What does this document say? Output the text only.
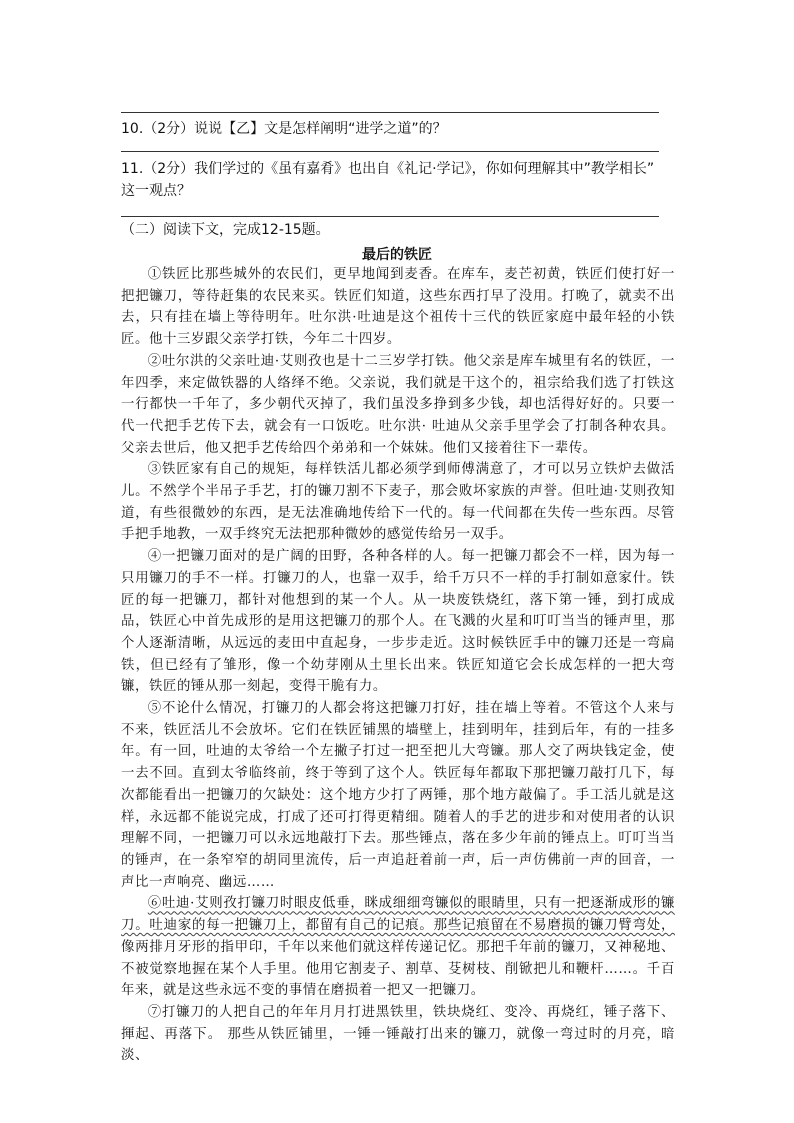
10.（2分）说说【乙】文是怎样阐明“进学之道”的？
11.（2分）我们学过的《虽有嘉肴》也出自《礼记·学记》，你如何理解其中”教学相长”
这一观点？
（二）阅读下文，完成12-15题。
最后的铁匠

①铁匠比那些城外的农民们，更早地闻到麦香。在库车，麦芒初黄，铁匠们使打好一把把镰刀，等待赶集的农民来买。铁匠们知道，这些东西打早了没用。打晚了，就卖不出去，只有挂在墙上等待明年。吐尔洪·吐迪是这个祖传十三代的铁匠家庭中最年轻的小铁匠。他十三岁跟父亲学打铁，今年二十四岁。

②吐尔洪的父亲吐迪·艾则孜也是十二三岁学打铁。他父亲是库车城里有名的铁匠，一年四季，来定做铁器的人络绎不绝。父亲说，我们就是干这个的，祖宗给我们选了打铁这一行都快一千年了，多少朝代灭掉了，我们虽没多挣到多少钱，却也活得好好的。只要一代一代把手艺传下去，就会有一口饭吃。吐尔洪· 吐迪从父亲手里学会了打制各种农具。父亲去世后，他又把手艺传给四个弟弟和一个妹妹。他们又接着往下一辈传。

③铁匠家有自己的规矩，每样铁活儿都必须学到师傅满意了，才可以另立铁炉去做活儿。不然学个半吊子手艺，打的镰刀割不下麦子，那会败坏家族的声誉。但吐迪·艾则孜知道，有些很微妙的东西，是无法准确地传给下一代的。每一代间都在失传一些东西。尽管手把手地教，一双手终究无法把那种微妙的感觉传给另一双手。

④一把镰刀面对的是广阔的田野，各种各样的人。每一把镰刀都会不一样，因为每一只用镰刀的手不一样。打镰刀的人，也靠一双手，给千万只不一样的手打制如意家什。铁匠的每一把镰刀，都针对他想到的某一个人。从一块废铁烧红，落下第一锤，到打成成品，铁匠心中首先成形的是用这把镰刀的那个人。在飞溅的火星和叮叮当当的锤声里，那个人逐渐清晰，从远远的麦田中直起身，一步步走近。这时候铁匠手中的镰刀还是一弯扁铁，但已经有了雏形，像一个幼芽刚从土里长出来。铁匠知道它会长成怎样的一把大弯镰，铁匠的锤从那一刻起，变得干脆有力。

⑤不论什么情况，打镰刀的人都会将这把镰刀打好，挂在墙上等着。不管这个人来与不来，铁匠活儿不会放坏。它们在铁匠铺黑的墙壁上，挂到明年，挂到后年，有的一挂多年。有一回，吐迪的太爷给一个左撇子打过一把至把儿大弯镰。那人交了两块钱定金，使一去不回。直到太爷临终前，终于等到了这个人。铁匠每年都取下那把镰刀敲打几下，每次都能看出一把镰刀的欠缺处：这个地方少打了两锤，那个地方敲偏了。手工活儿就是这样，永远都不能说完成，打成了还可打得更精细。随着人的手艺的进步和对使用者的认识理解不同，一把镰刀可以永远地敲打下去。那些锤点，落在多少年前的锤点上。叮叮当当的锤声，在一条窄窄的胡同里流传，后一声追赶着前一声，后一声仿佛前一声的回音，一声比一声响亮、幽远……

⑥吐迪·艾则孜打镰刀时眼皮低垂，眯成细细弯镰似的眼睛里，只有一把逐渐成形的镰刀。吐迪家的每一把镰刀上，都留有自己的记痕。那些记痕留在不易磨损的镰刀臂弯处，像两排月牙形的指甲印，千年以来他们就这样传递记忆。那把千年前的镰刀，又神秘地、不被觉察地握在某个人手里。他用它割麦子、割草、芟树枝、削锨把儿和鞭杆……。千百年来，就是这些永远不变的事情在磨损着一把又一把镰刀。

⑦打镰刀的人把自己的年年月月打进黑铁里，铁块烧红、变冷、再烧红，锤子落下、揮起、再落下。 那些从铁匠铺里，一锤一锤敲打出来的镰刀，就像一弯过时的月亮，暗淡、
